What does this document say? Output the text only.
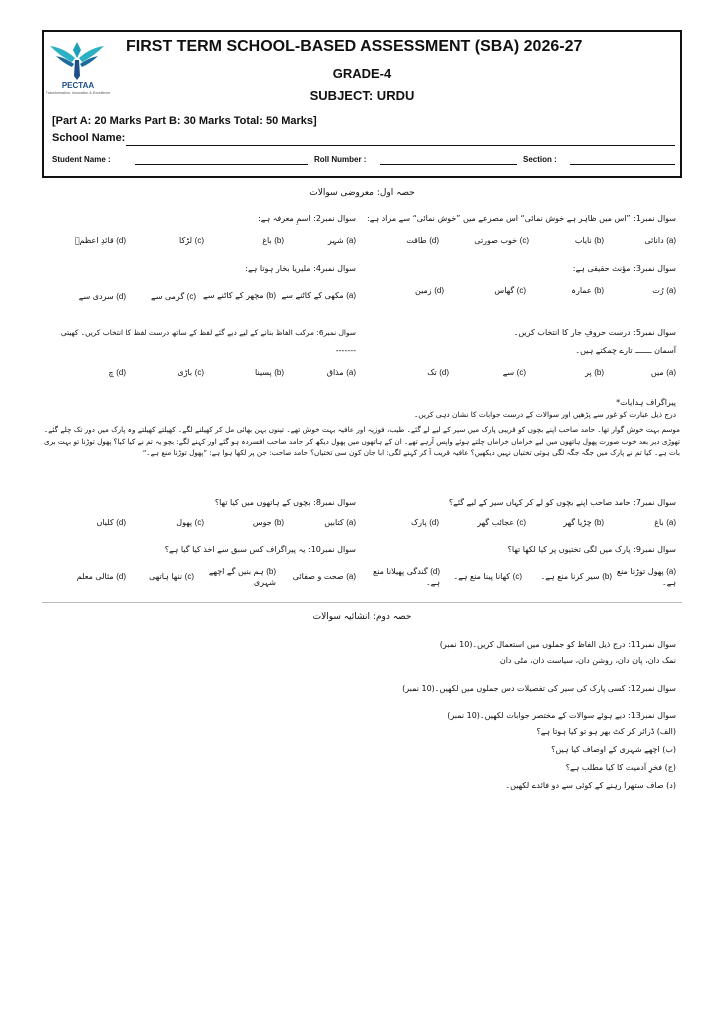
PECTAA
Transformation, Innovation & Excellence
FIRST TERM SCHOOL-BASED ASSESSMENT (SBA) 2026-27
GRADE-4
SUBJECT: URDU
[Part A: 20 Marks Part B: 30 Marks Total: 50 Marks]
School Name:
Student Name :	Roll Number :	Section :
حصہ اول: معروضی سوالات
سوال نمبر1: ”اس میں ظاہر ہے خوش نمائی“ اس مصرعے میں ”خوش نمائی“ سے مراد ہے:
(a) دانائی
(b) نایاب
(c) خوب صورتی
(d) طاقت
سوال نمبر2: اسمِ معرفہ ہے:
(a) شہر
(b) باغ
(c) لڑکا
(d) قائدِ اعظمؒ
سوال نمبر3: مؤنث حقیقی ہے:
(a) رُت
(b) عمارہ
(c) گھاس
(d) زمین
سوال نمبر4: ملیریا بخار ہوتا ہے:
(a) مکھی کے کاٹنے سے
(b) مچھر کے کاٹنے سے
(c) گرمی سے
(d) سردی سے
سوال نمبر5: درست حروفِ جار کا انتخاب کریں۔
آسمان ـــــــ تارے چمکتے ہیں۔
(a) میں
(b) پر
(c) سے
(d) تک
سوال نمبر6: مرکب الفاظ بنانے کے لیے دیے گئے لفظ کے ساتھ درست لفظ کا انتخاب کریں۔ کھیتی
-------
(a) مذاق
(b) پسینا
(c) باڑی
(d) چ
پیراگراف ہدایات*
درج ذیل عبارت کو غور سے پڑھیں اور سوالات کے درست جوابات کا نشان دہی کریں۔
موسم بہت خوش گوار تھا۔ حامد صاحب اپنے بچوں کو قریبی پارک میں سیر کے لیے لے گئے۔ طیب، فوزیہ اور عافیہ بہت خوش تھے۔ تینوں بہن بھائی مل کر کھیلنے لگے۔ کھیلتے کھیلتے وہ پارک میں دور تک چلے گئے۔ تھوڑی دیر بعد خوب صورت پھول ہاتھوں میں لیے خراماں خراماں چلتے ہوئے واپس آرہے تھے۔ ان کے ہاتھوں میں پھول دیکھ کر حامد صاحب افسردہ ہو گئے اور کہنے لگے: بچو یہ تم نے کیا کیا؟ پھول توڑنا تو بہت بری بات ہے۔ کیا تم نے پارک میں جگہ جگہ لگی ہوئی تختیاں نہیں دیکھیں؟ عافیہ قریب آ کر کہنے لگی: ابا جان کون سی تختیاں؟ حامد صاحب: جن پر لکھا ہوا ہے: ”پھول توڑنا منع ہے۔“
سوال نمبر7: حامد صاحب اپنے بچوں کو لے کر کہاں سیر کے لیے گئے؟
(a) باغ
(b) چڑیا گھر
(c) عجائب گھر
(d) پارک
سوال نمبر8: بچوں کے ہاتھوں میں کیا تھا؟
(a) کتابیں
(b) جوس
(c) پھول
(d) کلیاں
سوال نمبر9: پارک میں لگی تختیوں پر کیا لکھا تھا؟
(a) پھول توڑنا منع ہے۔
(b) سیر کرنا منع ہے۔
(c) کھانا پینا منع ہے۔
(d) گندگی پھیلانا منع ہے۔
سوال نمبر10: یہ پیراگراف کس سبق سے اخذ کیا گیا ہے؟
(a) صحت و صفائی
(b) ہم بنیں گے اچھے شہری
(c) ننھا ہاتھی
(d) مثالی معلم
حصہ دوم: انشائیہ سوالات
سوال نمبر11: درج ذیل الفاظ کو جملوں میں استعمال کریں۔(10 نمبر)
نمک دان، پان دان، روشن دان، سیاست دان، مٹی دان
سوال نمبر12: کسی پارک کی سیر کی تفصیلات دس جملوں میں لکھیں۔(10 نمبر)
سوال نمبر13: دیے ہوئے سوالات کے مختصر جوابات لکھیں۔(10 نمبر)
(الف) ڈرائر کر کٹ بھر ہو تو کیا ہوتا ہے؟
(ب) اچھے شہری کے اوصاف کیا ہیں؟
(ج) فخرِ آدمیت کا کیا مطلب ہے؟
(د) صاف ستھرا رہنے کے کوئی سے دو فائدے لکھیں۔
